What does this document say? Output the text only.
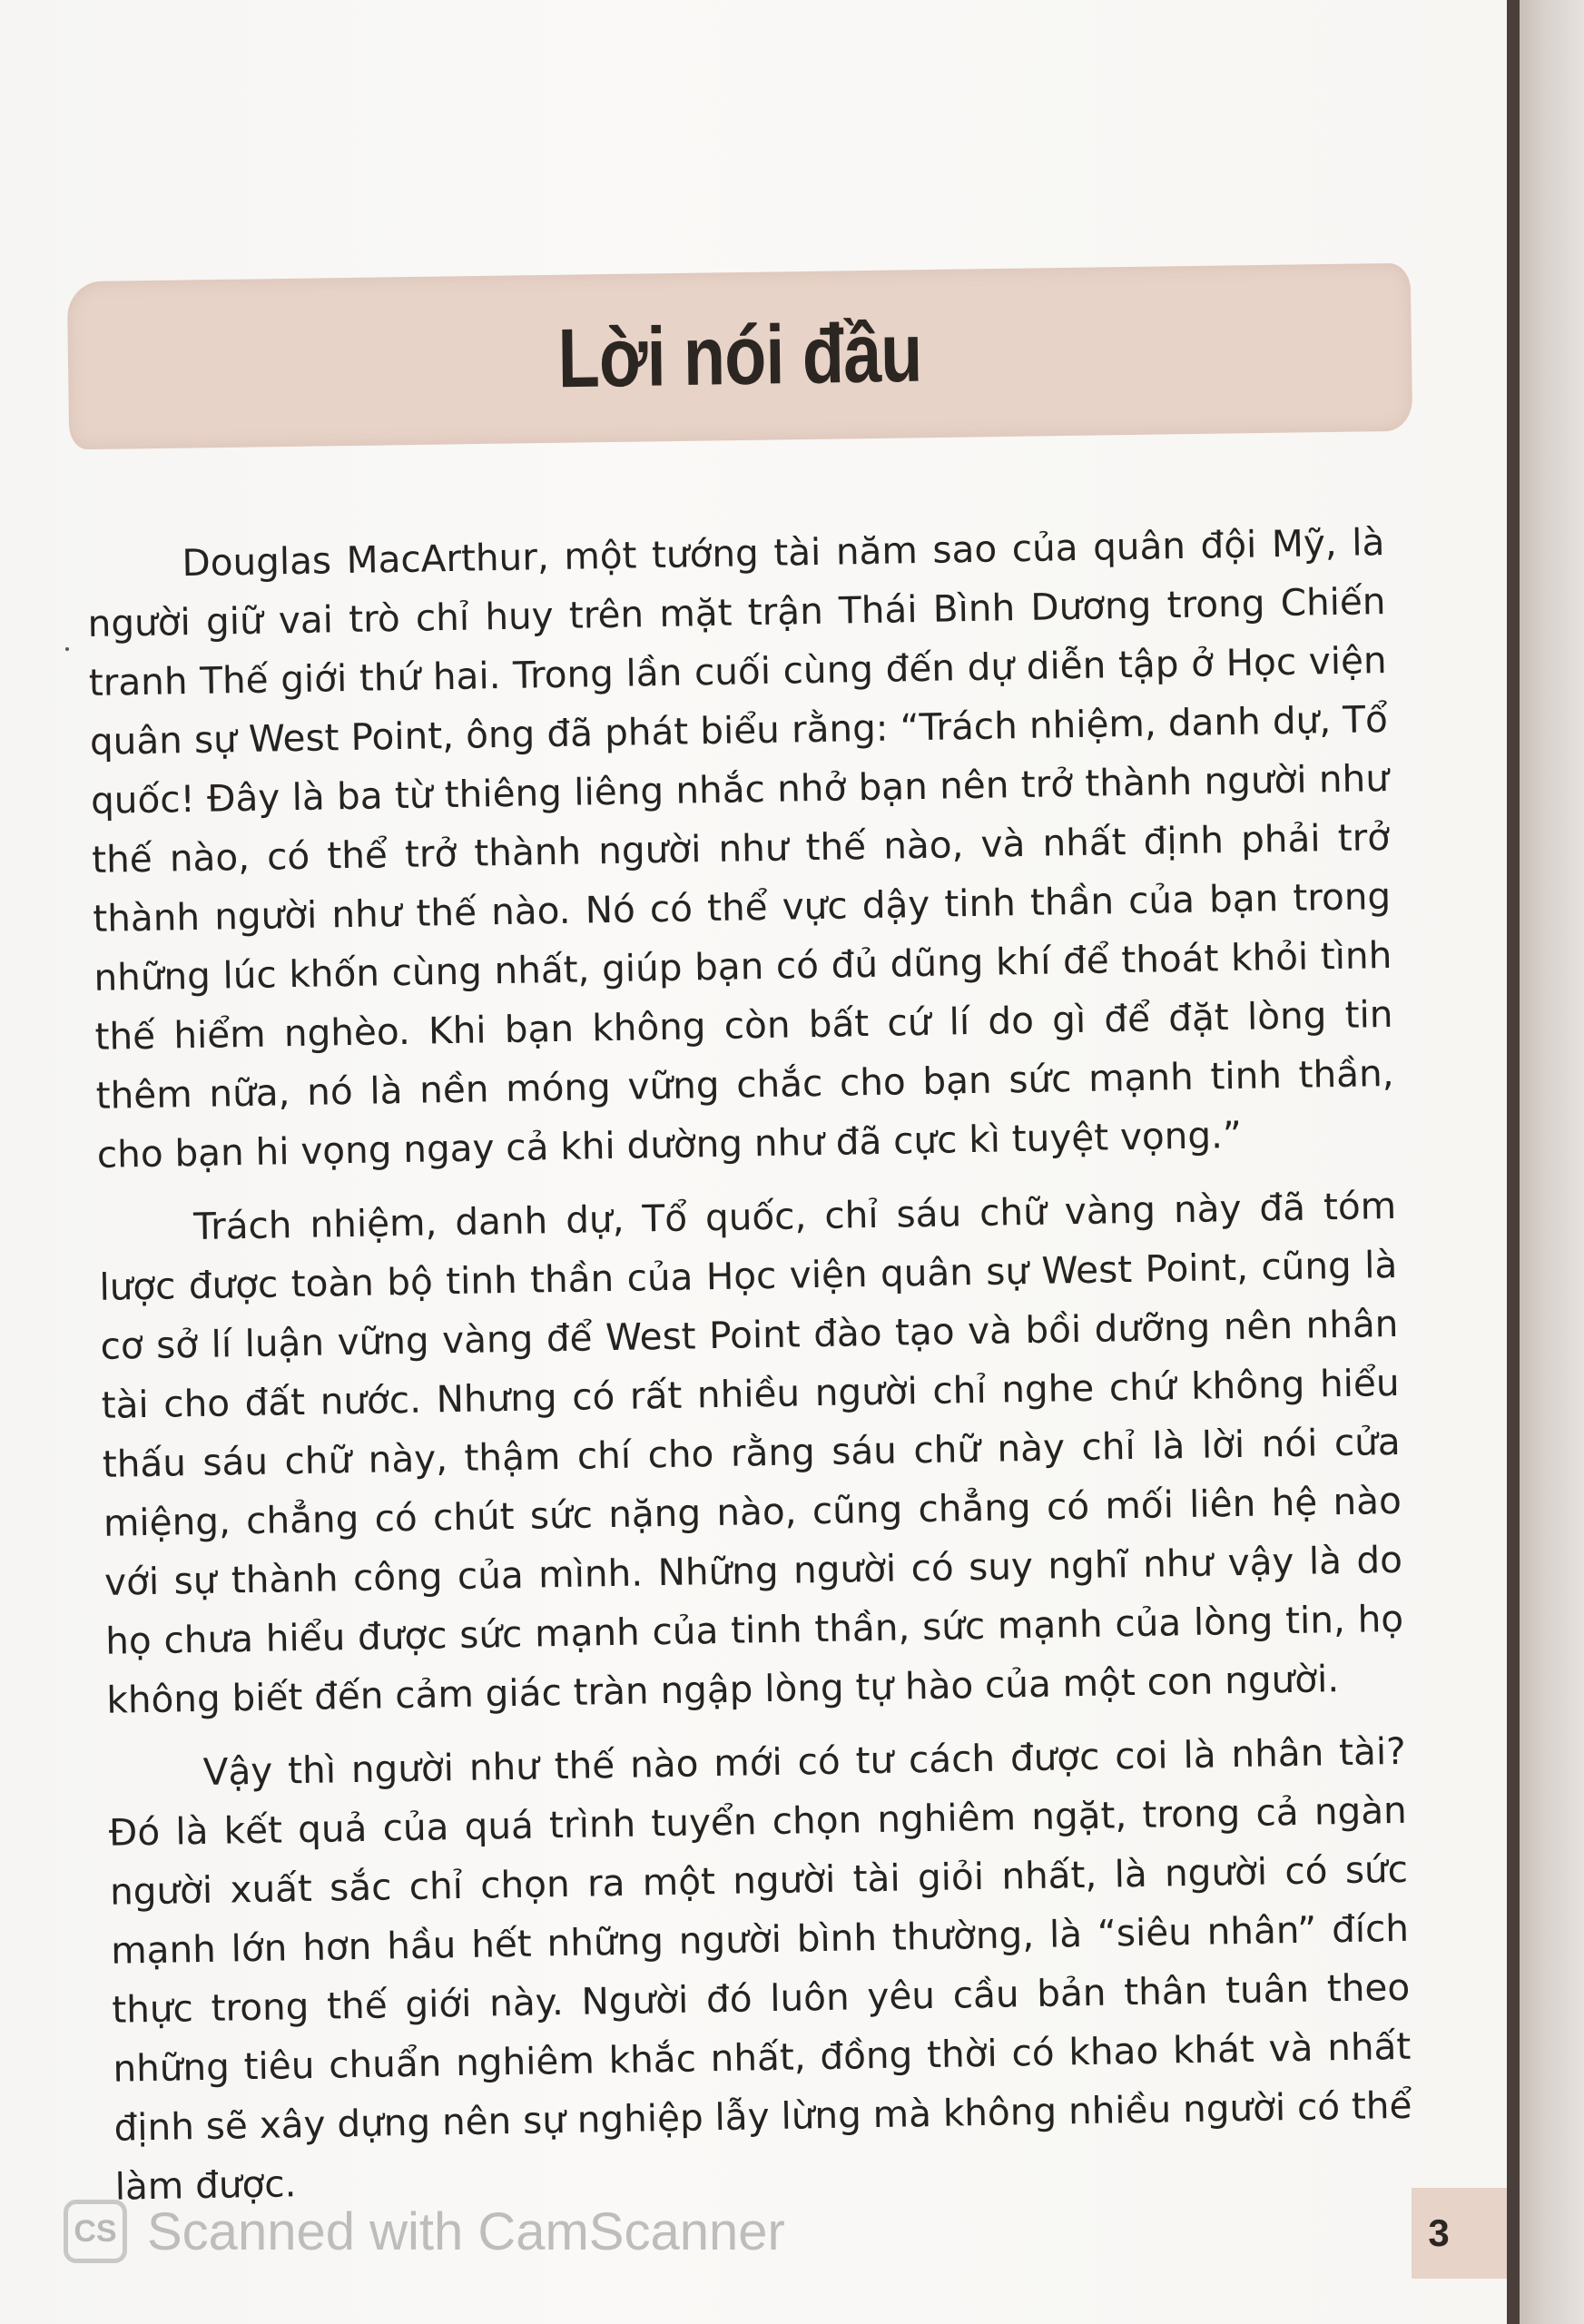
Lời nói đầu

Douglas MacArthur, một tướng tài năm sao của quân đội Mỹ, là người giữ vai trò chỉ huy trên mặt trận Thái Bình Dương trong Chiến tranh Thế giới thứ hai. Trong lần cuối cùng đến dự diễn tập ở Học viện quân sự West Point, ông đã phát biểu rằng: “Trách nhiệm, danh dự, Tổ quốc! Đây là ba từ thiêng liêng nhắc nhở bạn nên trở thành người như thế nào, có thể trở thành người như thế nào, và nhất định phải trở thành người như thế nào. Nó có thể vực dậy tinh thần của bạn trong những lúc khốn cùng nhất, giúp bạn có đủ dũng khí để thoát khỏi tình thế hiểm nghèo. Khi bạn không còn bất cứ lí do gì để đặt lòng tin thêm nữa, nó là nền móng vững chắc cho bạn sức mạnh tinh thần, cho bạn hi vọng ngay cả khi dường như đã cực kì tuyệt vọng.”

Trách nhiệm, danh dự, Tổ quốc, chỉ sáu chữ vàng này đã tóm lược được toàn bộ tinh thần của Học viện quân sự West Point, cũng là cơ sở lí luận vững vàng để West Point đào tạo và bồi dưỡng nên nhân tài cho đất nước. Nhưng có rất nhiều người chỉ nghe chứ không hiểu thấu sáu chữ này, thậm chí cho rằng sáu chữ này chỉ là lời nói cửa miệng, chẳng có chút sức nặng nào, cũng chẳng có mối liên hệ nào với sự thành công của mình. Những người có suy nghĩ như vậy là do họ chưa hiểu được sức mạnh của tinh thần, sức mạnh của lòng tin, họ không biết đến cảm giác tràn ngập lòng tự hào của một con người.

Vậy thì người như thế nào mới có tư cách được coi là nhân tài? Đó là kết quả của quá trình tuyển chọn nghiêm ngặt, trong cả ngàn người xuất sắc chỉ chọn ra một người tài giỏi nhất, là người có sức mạnh lớn hơn hầu hết những người bình thường, là “siêu nhân” đích thực trong thế giới này. Người đó luôn yêu cầu bản thân tuân theo những tiêu chuẩn nghiêm khắc nhất, đồng thời có khao khát và nhất định sẽ xây dựng nên sự nghiệp lẫy lừng mà không nhiều người có thể làm được.

CS Scanned with CamScanner	3
